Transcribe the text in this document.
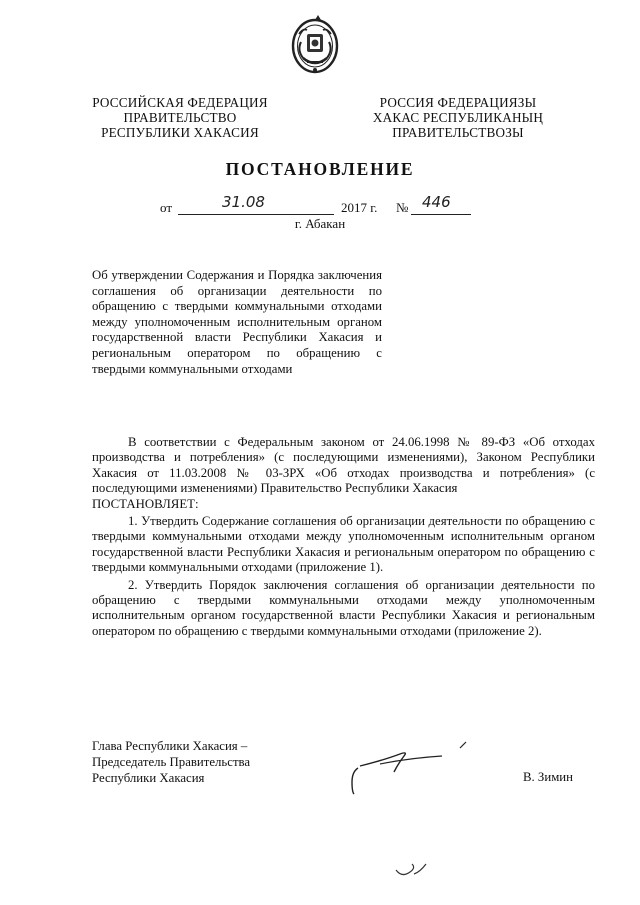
РОССИЙСКАЯ ФЕДЕРАЦИЯ
ПРАВИТЕЛЬСТВО
РЕСПУБЛИКИ ХАКАСИЯ
РОССИЯ ФЕДЕРАЦИЯЗЫ
ХАКАС РЕСПУБЛИКАНЫҢ
ПРАВИТЕЛЬСТВОЗЫ
ПОСТАНОВЛЕНИЕ
от	31.08	2017 г. № 446
г. Абакан
Об утверждении Содержания и Порядка заключения соглашения об организации деятельности по обращению с твердыми коммунальными отходами между уполномоченным исполнительным органом государственной власти Республики Хакасия и региональным оператором по обращению с твердыми коммунальными отходами

В соответствии с Федеральным законом от 24.06.1998 № 89-ФЗ «Об отходах производства и потребления» (с последующими изменениями), Законом Республики Хакасия от 11.03.2008 № 03-ЗРХ «Об отходах производства и потребления» (с последующими изменениями) Правительство Республики Хакасия

ПОСТАНОВЛЯЕТ:

1. Утвердить Содержание соглашения об организации деятельности по обращению с твердыми коммунальными отходами между уполномоченным исполнительным органом государственной власти Республики Хакасия и региональным оператором по обращению с твердыми коммунальными отходами (приложение 1).

2. Утвердить Порядок заключения соглашения об организации деятельности по обращению с твердыми коммунальными отходами между уполномоченным исполнительным органом государственной власти Республики Хакасия и региональным оператором по обращению с твердыми коммунальными отходами (приложение 2).

Глава Республики Хакасия –
Председатель Правительства
Республики Хакасия	В. Зимин
